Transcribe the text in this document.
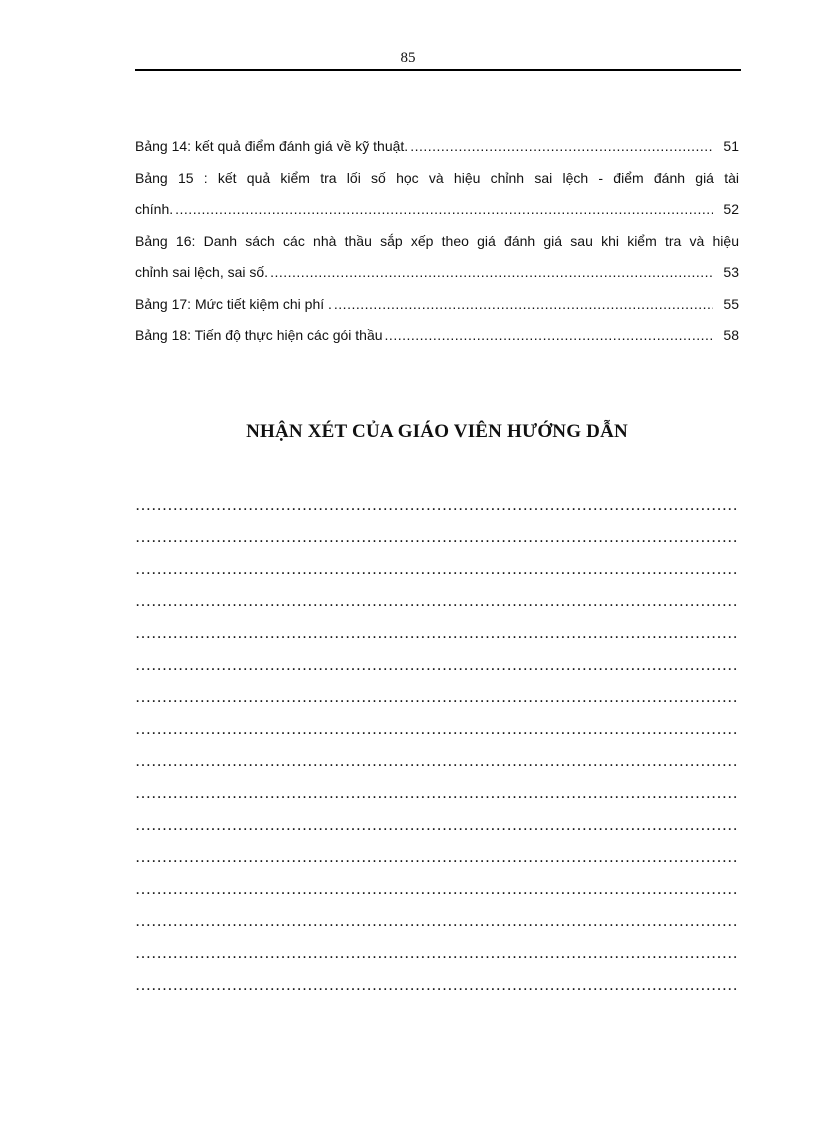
85
Bảng 14: kết quả điểm đánh giá về kỹ thuật. .....	51
Bảng 15 : kết quả kiểm tra lối số học và hiệu chỉnh sai lệch - điểm đánh giá tài
chính. .....	52
Bảng 16: Danh sách các nhà thầu sắp xếp theo giá đánh giá sau khi kiểm tra và hiệu
chỉnh sai lệch, sai số. .....	53
Bảng 17: Mức tiết kiệm chi phí . .....	55
Bảng 18: Tiến độ thực hiện các gói thầu .....	58
NHẬN XÉT CỦA GIÁO VIÊN HƯỚNG DẪN
………………………………………………………………………………………………………………………………………………………….
………………………………………………………………………………………………………………………………………………………….
………………………………………………………………………………………………………………………………………………………….
………………………………………………………………………………………………………………………………………………………….
………………………………………………………………………………………………………………………………………………………….
………………………………………………………………………………………………………………………………………………………….
………………………………………………………………………………………………………………………………………………………….
………………………………………………………………………………………………………………………………………………………….
………………………………………………………………………………………………………………………………………………………….
………………………………………………………………………………………………………………………………………………………….
………………………………………………………………………………………………………………………………………………………….
………………………………………………………………………………………………………………………………………………………….
………………………………………………………………………………………………………………………………………………………….
………………………………………………………………………………………………………………………………………………………….
………………………………………………………………………………………………………………………………………………………….
………………………………………………………………………………………………………………………………………………………….
